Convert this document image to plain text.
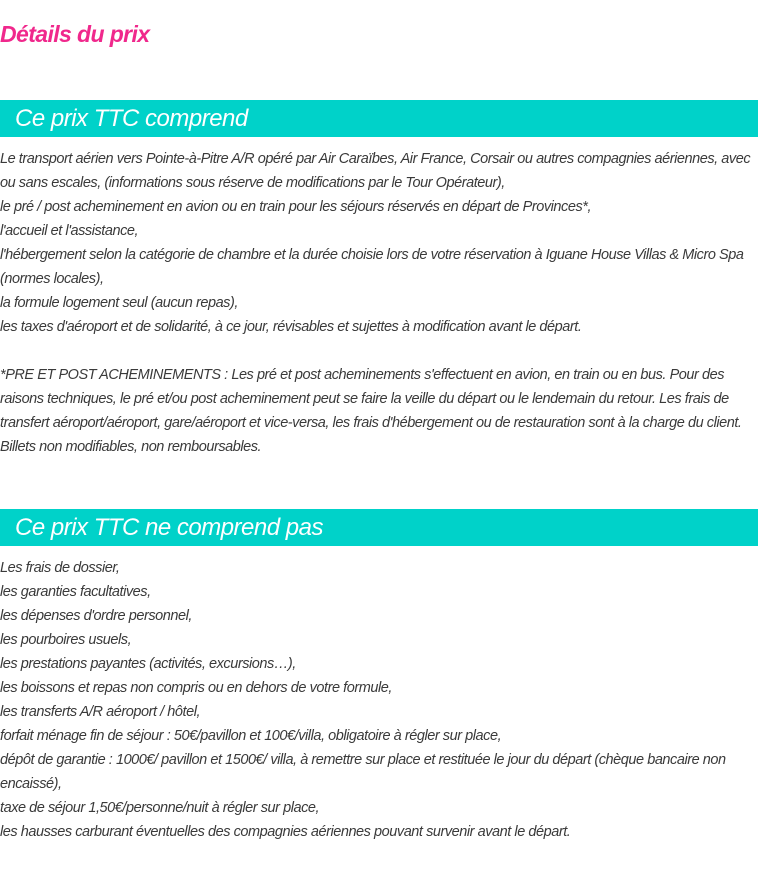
Détails du prix
Ce prix TTC comprend
Le transport aérien vers Pointe-à-Pitre A/R opéré par Air Caraïbes, Air France, Corsair ou autres compagnies aériennes, avec ou sans escales, (informations sous réserve de modifications par le Tour Opérateur),
le pré / post acheminement en avion ou en train pour les séjours réservés en départ de Provinces*,
l'accueil et l'assistance,
l'hébergement selon la catégorie de chambre et la durée choisie lors de votre réservation à Iguane House Villas & Micro Spa (normes locales),
la formule logement seul (aucun repas),
les taxes d'aéroport et de solidarité, à ce jour, révisables et sujettes à modification avant le départ.
*PRE ET POST ACHEMINEMENTS : Les pré et post acheminements s'effectuent en avion, en train ou en bus. Pour des raisons techniques, le pré et/ou post acheminement peut se faire la veille du départ ou le lendemain du retour. Les frais de transfert aéroport/aéroport, gare/aéroport et vice-versa, les frais d'hébergement ou de restauration sont à la charge du client. Billets non modifiables, non remboursables.
Ce prix TTC ne comprend pas
Les frais de dossier,
les garanties facultatives,
les dépenses d'ordre personnel,
les pourboires usuels,
les prestations payantes (activités, excursions…),
les boissons et repas non compris ou en dehors de votre formule,
les transferts A/R aéroport / hôtel,
forfait ménage fin de séjour : 50€/pavillon et 100€/villa, obligatoire à régler sur place,
dépôt de garantie : 1000€/ pavillon et 1500€/ villa, à remettre sur place et restituée le jour du départ (chèque bancaire non encaissé),
taxe de séjour 1,50€/personne/nuit à régler sur place,
les hausses carburant éventuelles des compagnies aériennes pouvant survenir avant le départ.
